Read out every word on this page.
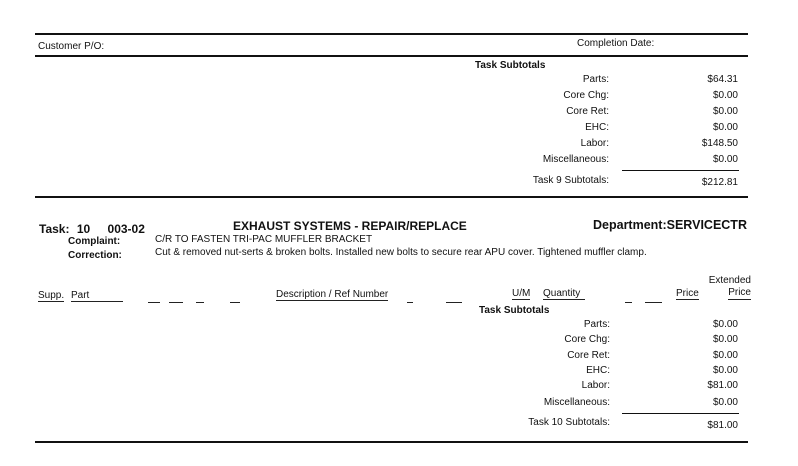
Customer P/O:	Completion Date:
Task Subtotals
Parts:	$64.31
Core Chg:	$0.00
Core Ret:	$0.00
EHC:	$0.00
Labor:	$148.50
Miscellaneous:	$0.00
Task 9 Subtotals:	$212.81
Task: 10 003-02	EXHAUST SYSTEMS - REPAIR/REPLACE	Department:SERVICECTR
Complaint:	C/R TO FASTEN TRI-PAC MUFFLER BRACKET
Correction:	Cut & removed nut-serts & broken bolts. Installed new bolts to secure rear APU cover. Tightened muffler clamp.
Supp. Part	Description / Ref Number	U/M Quantity	Price
Extended
Price
Task Subtotals
Parts:	$0.00
Core Chg:	$0.00
Core Ret:	$0.00
EHC:	$0.00
Labor:	$81.00
Miscellaneous:	$0.00
Task 10 Subtotals:	$81.00
